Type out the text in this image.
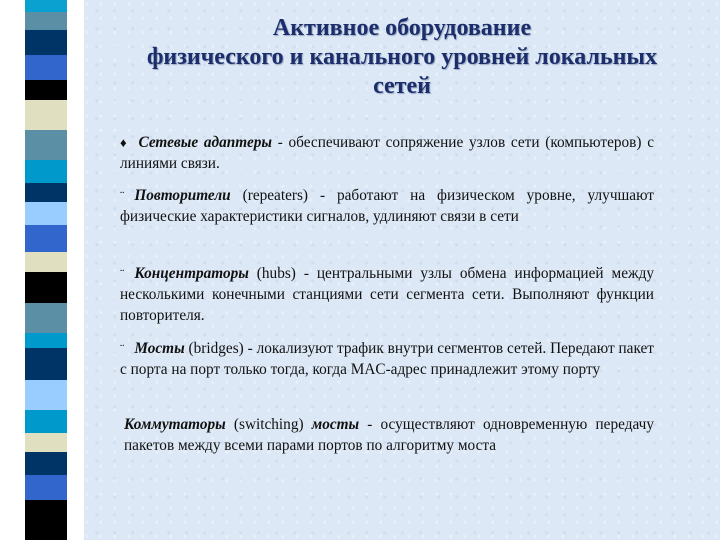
Активное оборудование
физического и канального уровней локальных
сетей
♦ Сетевые адаптеры - обеспечивают сопряжение узлов сети (компьютеров) с линиями связи.
¨ Повторители (repeaters) - работают на физическом уровне, улучшают физические характеристики сигналов, удлиняют связи в сети
¨ Концентраторы (hubs) - центральными узлы обмена информацией между несколькими конечными станциями сети сегмента сети. Выполняют функции повторителя.
¨ Мосты (bridges) - локализуют трафик внутри сегментов сетей. Передают пакет с порта на порт только тогда, когда MAC-адрес принадлежит этому порту
Коммутаторы (switching) мосты - осуществляют одновременную передачу пакетов между всеми парами портов по алгоритму моста
